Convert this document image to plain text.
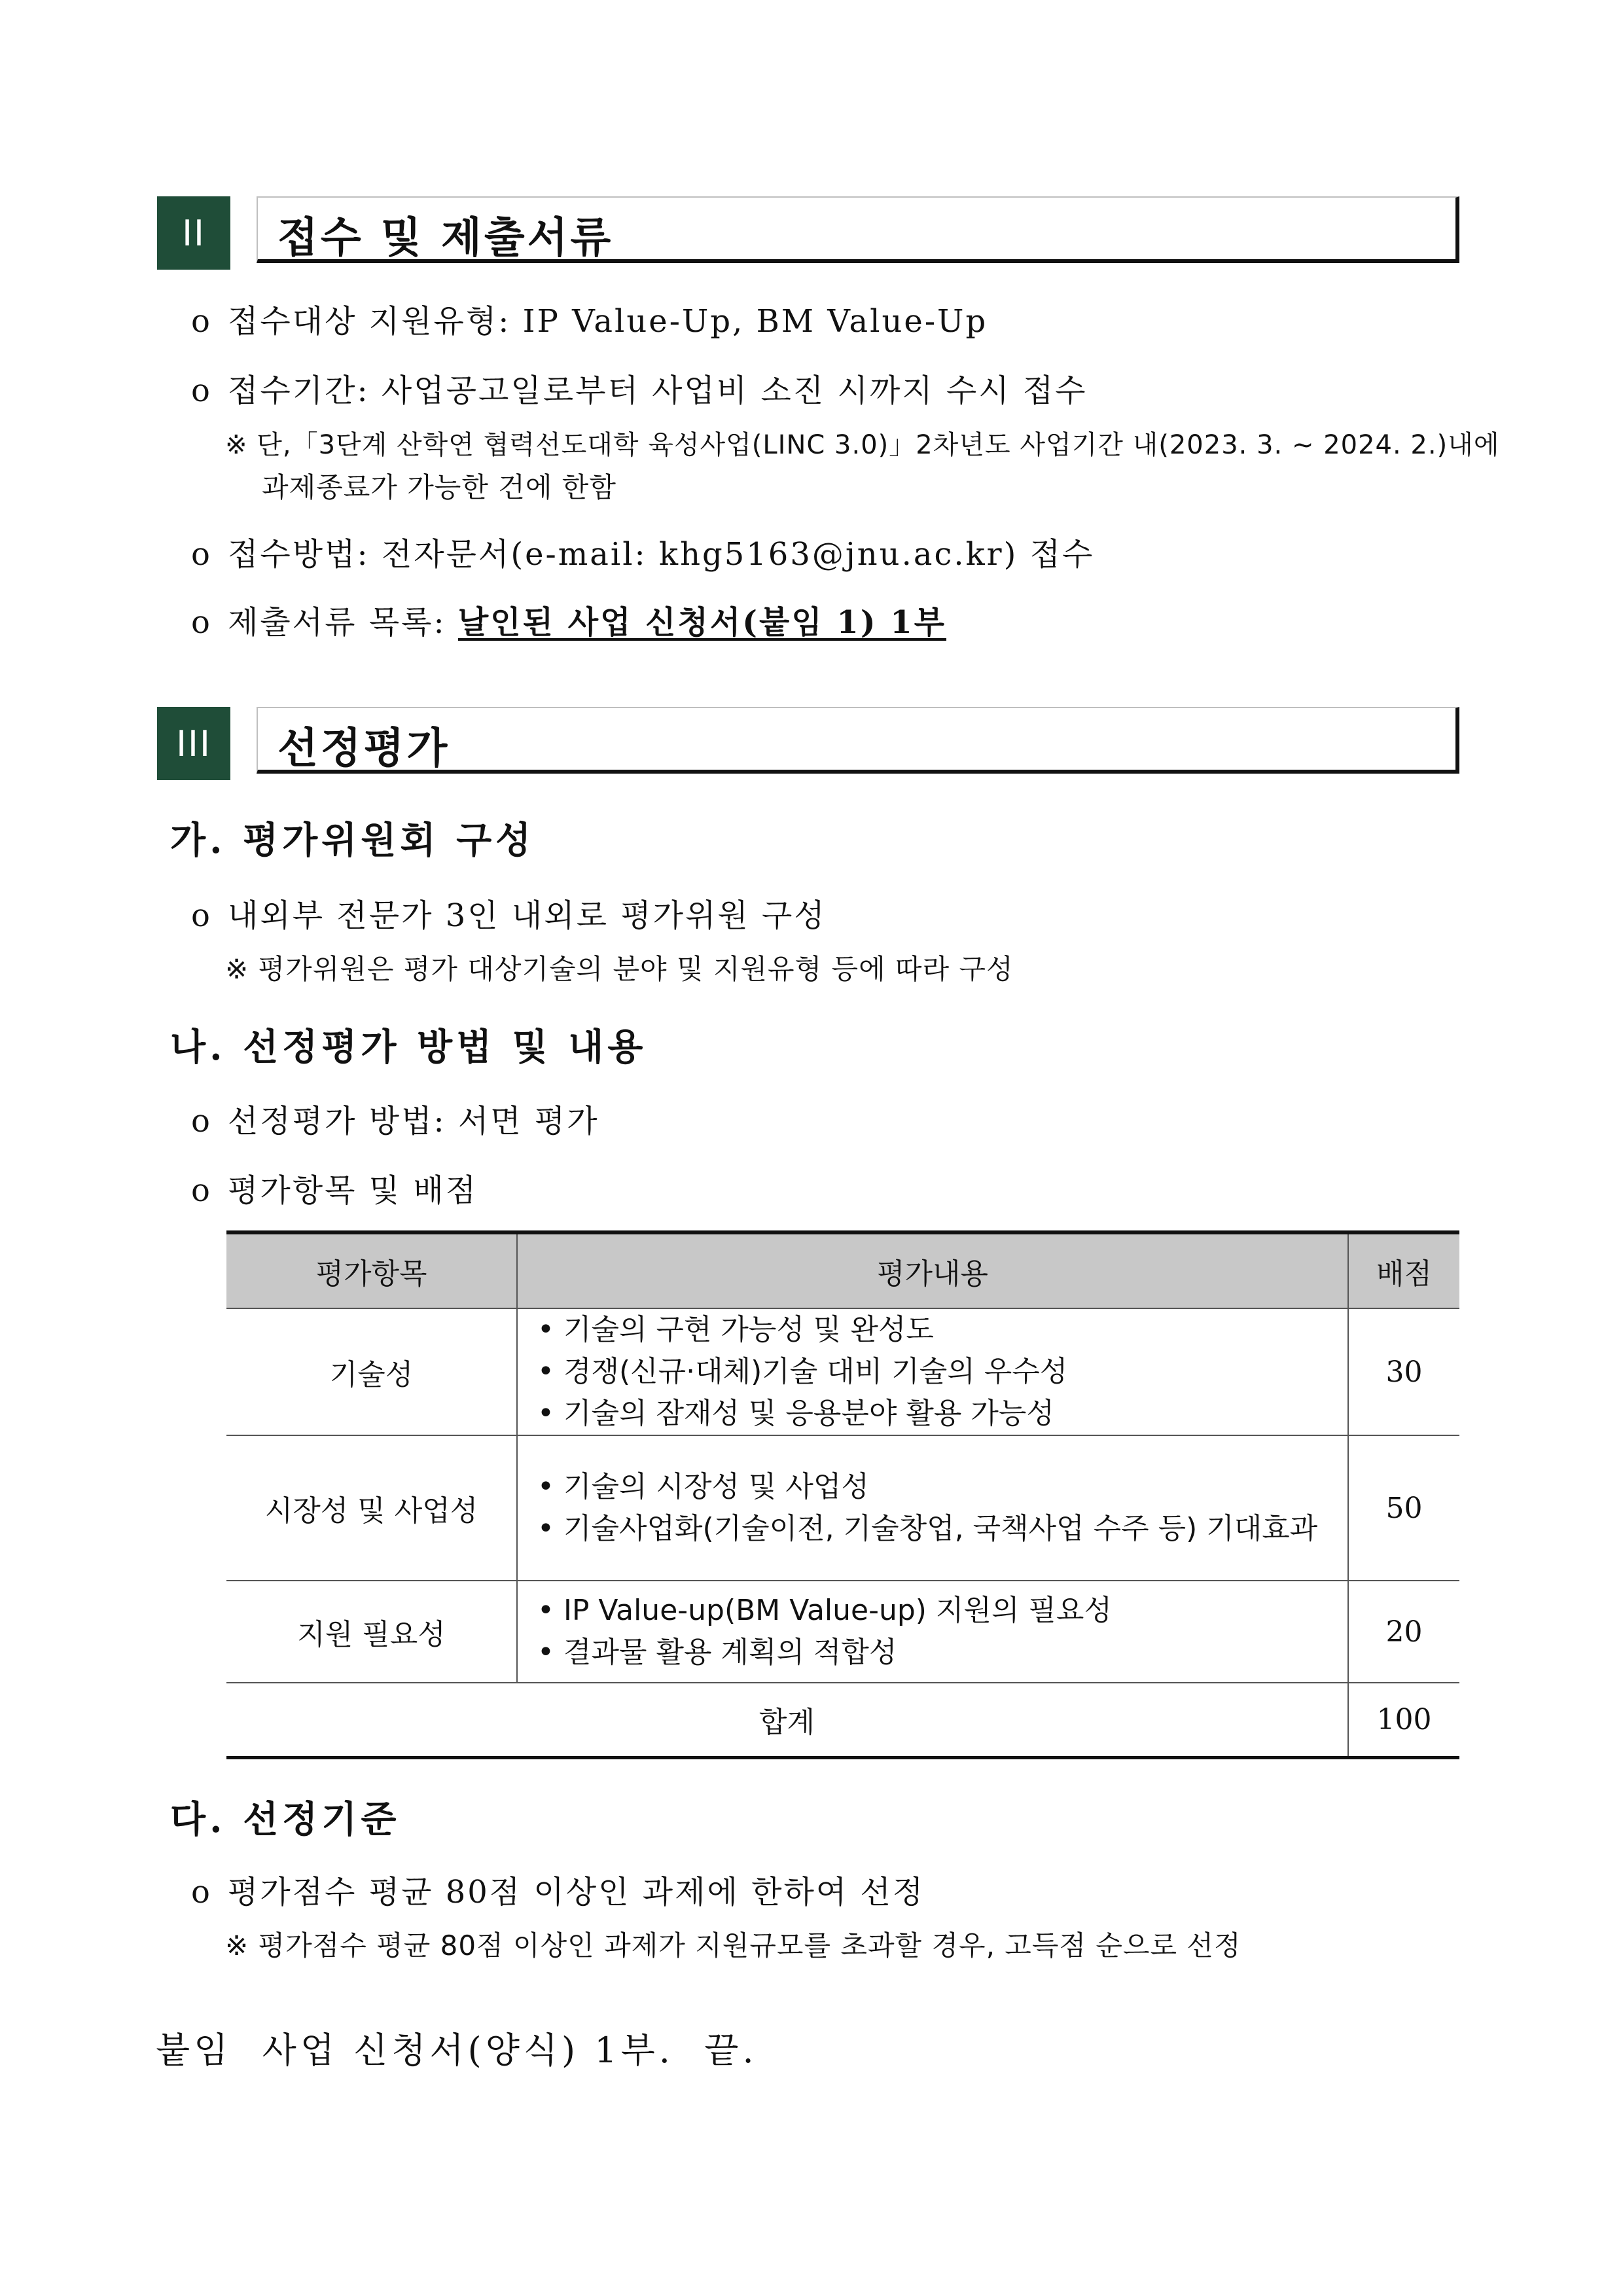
II	접수 및 제출서류
o 접수대상 지원유형: IP Value-Up, BM Value-Up
o 접수기간: 사업공고일로부터 사업비 소진 시까지 수시 접수
※ 단,「3단계 산학연 협력선도대학 육성사업(LINC 3.0)」2차년도 사업기간 내(2023. 3. ~ 2024. 2.)내에
과제종료가 가능한 건에 한함
o 접수방법: 전자문서(e-mail: khg5163@jnu.ac.kr) 접수
o 제출서류 목록: 날인된 사업 신청서(붙임 1) 1부
III	선정평가
가. 평가위원회 구성
o 내외부 전문가 3인 내외로 평가위원 구성
※ 평가위원은 평가 대상기술의 분야 및 지원유형 등에 따라 구성
나. 선정평가 방법 및 내용
o 선정평가 방법: 서면 평가
o 평가항목 및 배점
평가항목	평가내용	배점
기술성	• 기술의 구현 가능성 및 완성도
• 경쟁(신규·대체)기술 대비 기술의 우수성
• 기술의 잠재성 및 응용분야 활용 가능성	30
시장성 및 사업성	• 기술의 시장성 및 사업성
• 기술사업화(기술이전, 기술창업, 국책사업 수주 등) 기대효과	50
지원 필요성	• IP Value-up(BM Value-up) 지원의 필요성
• 결과물 활용 계획의 적합성	20
합계		100
다. 선정기준
o 평가점수 평균 80점 이상인 과제에 한하여 선정
※ 평가점수 평균 80점 이상인 과제가 지원규모를 초과할 경우, 고득점 순으로 선정
붙임  사업 신청서(양식) 1부.  끝.
